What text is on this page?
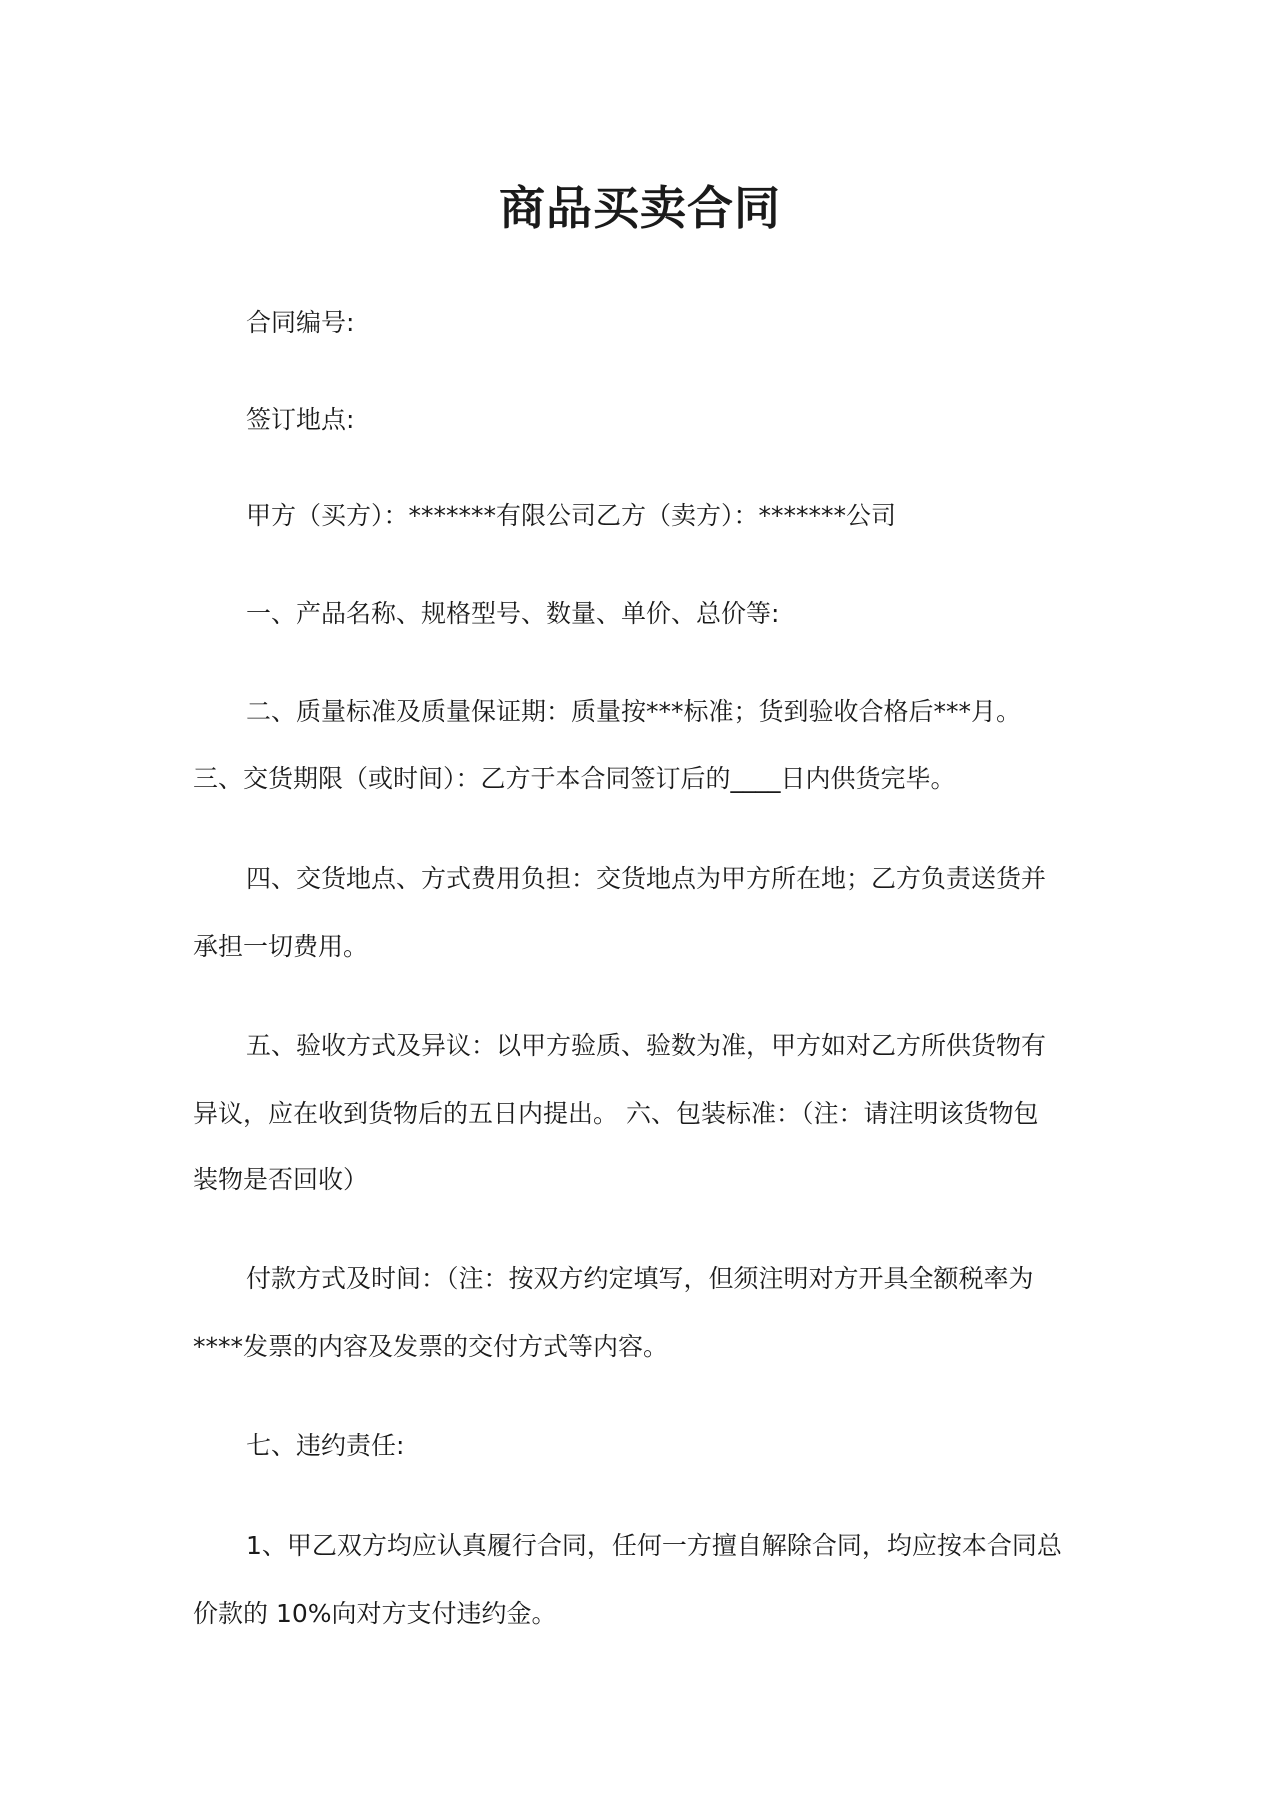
商品买卖合同

合同编号:

签订地点:

甲方（买方）：*******有限公司乙方（卖方）：*******公司

一、产品名称、规格型号、数量、单价、总价等:

二、质量标准及质量保证期：质量按***标准；货到验收合格后***月。

三、交货期限（或时间）：乙方于本合同签订后的____日内供货完毕。

四、交货地点、方式费用负担：交货地点为甲方所在地；乙方负责送货并

承担一切费用。

五、验收方式及异议：以甲方验质、验数为准，甲方如对乙方所供货物有

异议，应在收到货物后的五日内提出。 六、包装标准：（注：请注明该货物包

装物是否回收）

付款方式及时间：（注：按双方约定填写，但须注明对方开具全额税率为

****发票的内容及发票的交付方式等内容。

七、违约责任:

1、甲乙双方均应认真履行合同，任何一方擅自解除合同，均应按本合同总

价款的 10%向对方支付违约金。
